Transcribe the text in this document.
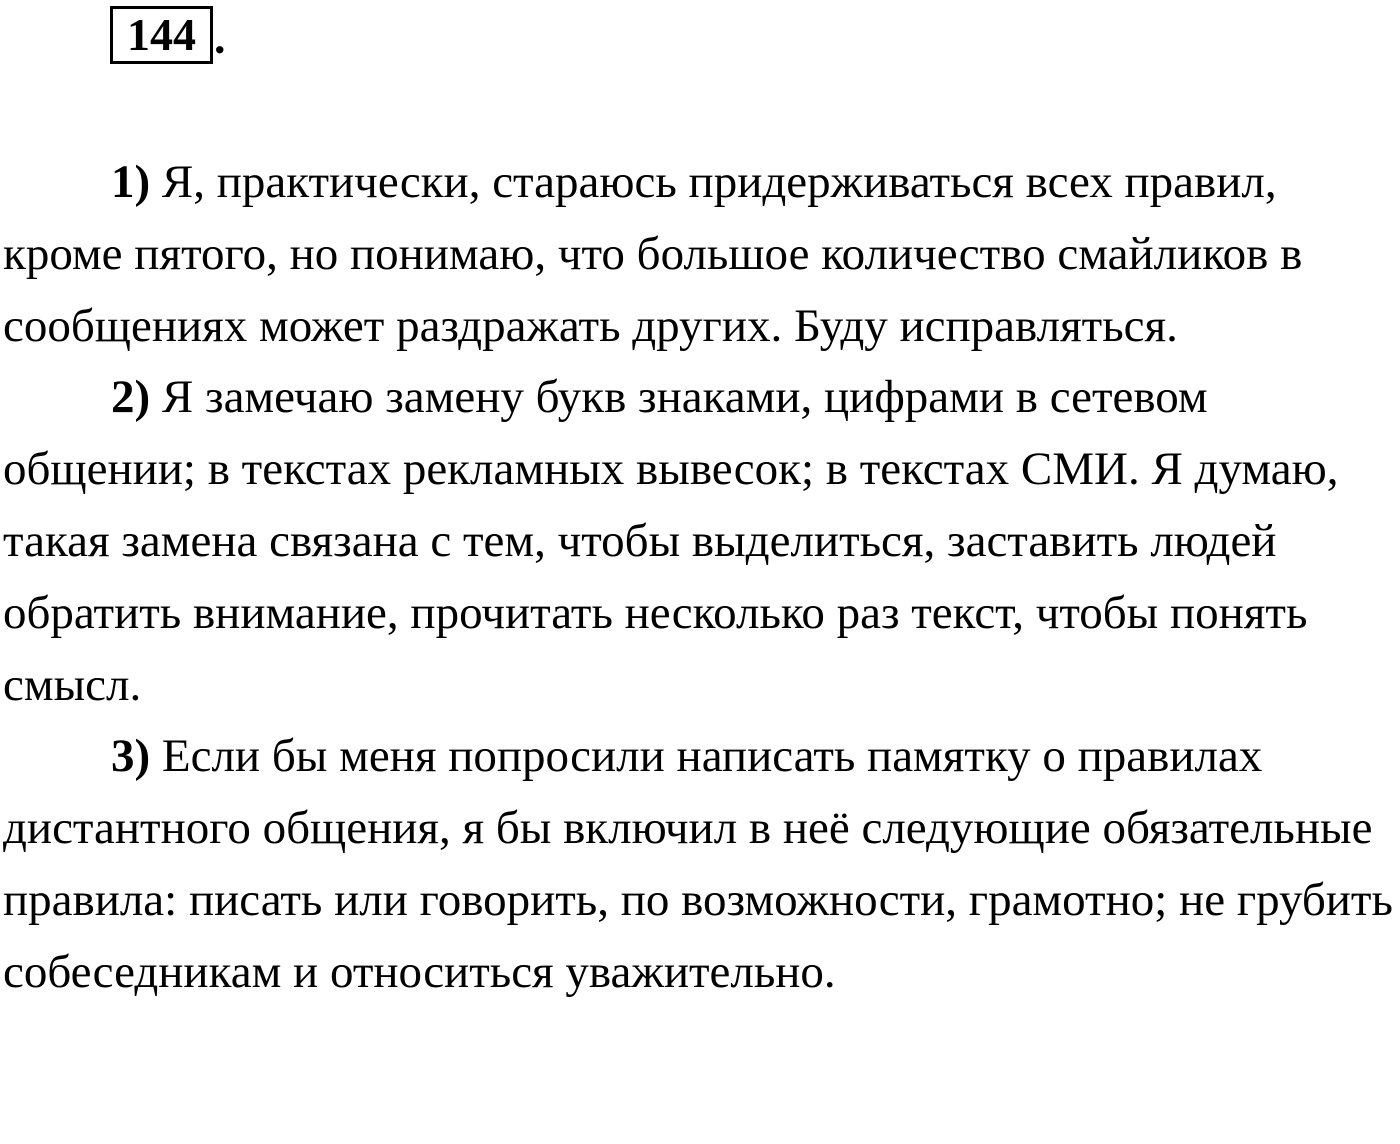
144 .

1) Я, практически, стараюсь придерживаться всех правил, кроме пятого, но понимаю, что большое количество смайликов в сообщениях может раздражать других. Буду исправляться.

2) Я замечаю замену букв знаками, цифрами в сетевом общении; в текстах рекламных вывесок; в текстах СМИ. Я думаю, такая замена связана с тем, чтобы выделиться, заставить людей обратить внимание, прочитать несколько раз текст, чтобы понять смысл.

3) Если бы меня попросили написать памятку о правилах дистантного общения, я бы включил в неё следующие обязательные правила: писать или говорить, по возможности, грамотно; не грубить собеседникам и относиться уважительно.
